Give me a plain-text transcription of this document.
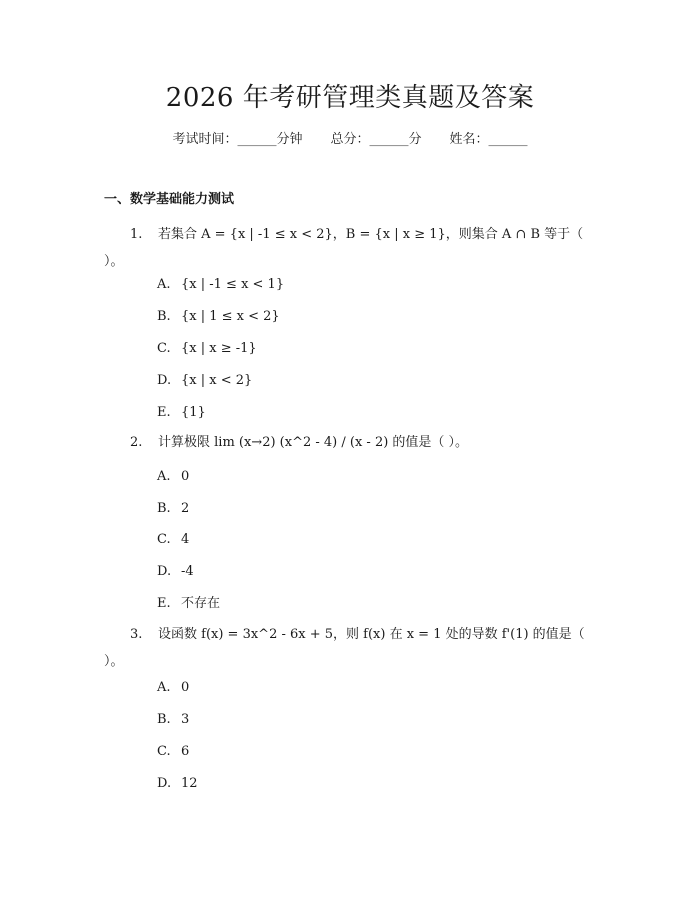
2026 年考研管理类真题及答案
考试时间：______分钟 总分：______分 姓名：______
一、数学基础能力测试
1. 若集合 A = {x | -1 ≤ x < 2}，B = {x | x ≥ 1}，则集合 A ∩ B 等于（ ）。
A. {x | -1 ≤ x < 1}
B. {x | 1 ≤ x < 2}
C. {x | x ≥ -1}
D. {x | x < 2}
E. {1}
2. 计算极限 lim (x→2) (x^2 - 4) / (x - 2) 的值是（ ）。
A. 0
B. 2
C. 4
D. -4
E. 不存在
3. 设函数 f(x) = 3x^2 - 6x + 5，则 f(x) 在 x = 1 处的导数 f'(1) 的值是（ ）。
A. 0
B. 3
C. 6
D. 12
